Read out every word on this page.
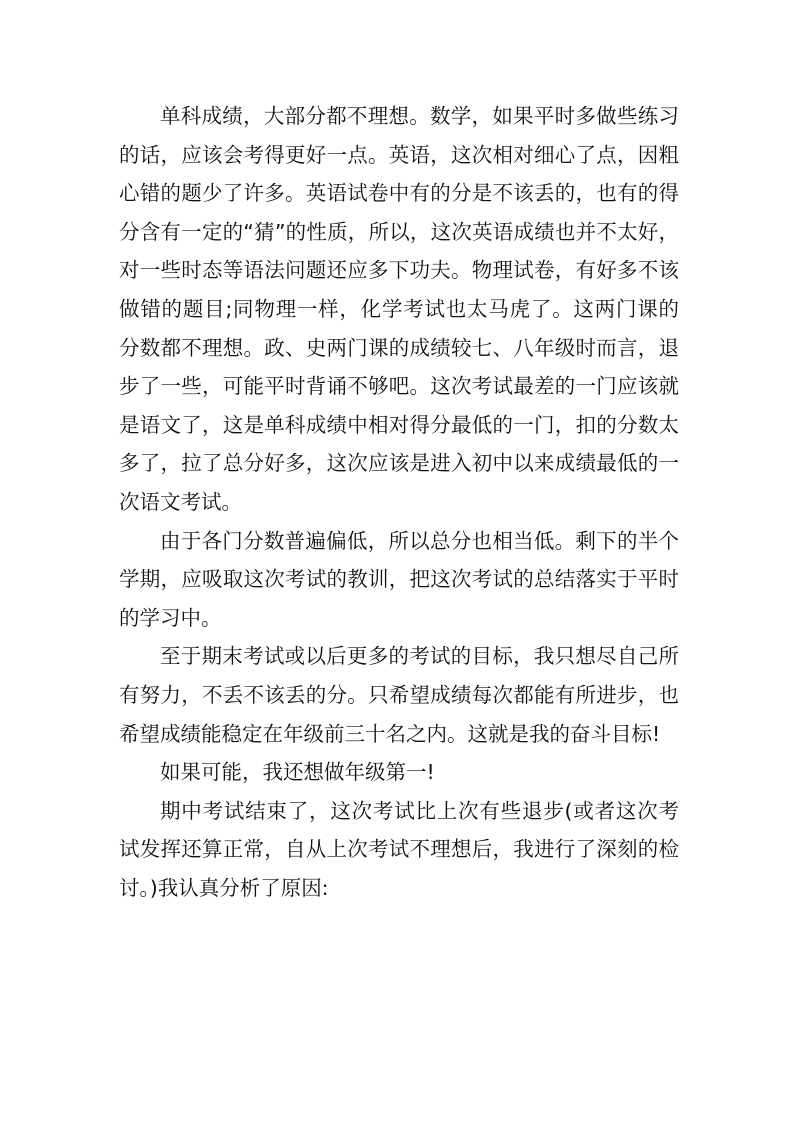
单科成绩，大部分都不理想。数学，如果平时多做些练习的话，应该会考得更好一点。英语，这次相对细心了点，因粗心错的题少了许多。英语试卷中有的分是不该丢的，也有的得分含有一定的“猜”的性质，所以，这次英语成绩也并不太好，对一些时态等语法问题还应多下功夫。物理试卷，有好多不该做错的题目;同物理一样，化学考试也太马虎了。这两门课的分数都不理想。政、史两门课的成绩较七、八年级时而言，退步了一些，可能平时背诵不够吧。这次考试最差的一门应该就是语文了，这是单科成绩中相对得分最低的一门，扣的分数太多了，拉了总分好多，这次应该是进入初中以来成绩最低的一次语文考试。

由于各门分数普遍偏低，所以总分也相当低。剩下的半个学期，应吸取这次考试的教训，把这次考试的总结落实于平时的学习中。

至于期末考试或以后更多的考试的目标，我只想尽自己所有努力，不丢不该丢的分。只希望成绩每次都能有所进步，也希望成绩能稳定在年级前三十名之内。这就是我的奋斗目标!

如果可能，我还想做年级第一!

期中考试结束了，这次考试比上次有些退步(或者这次考试发挥还算正常，自从上次考试不理想后，我进行了深刻的检讨。)我认真分析了原因:
